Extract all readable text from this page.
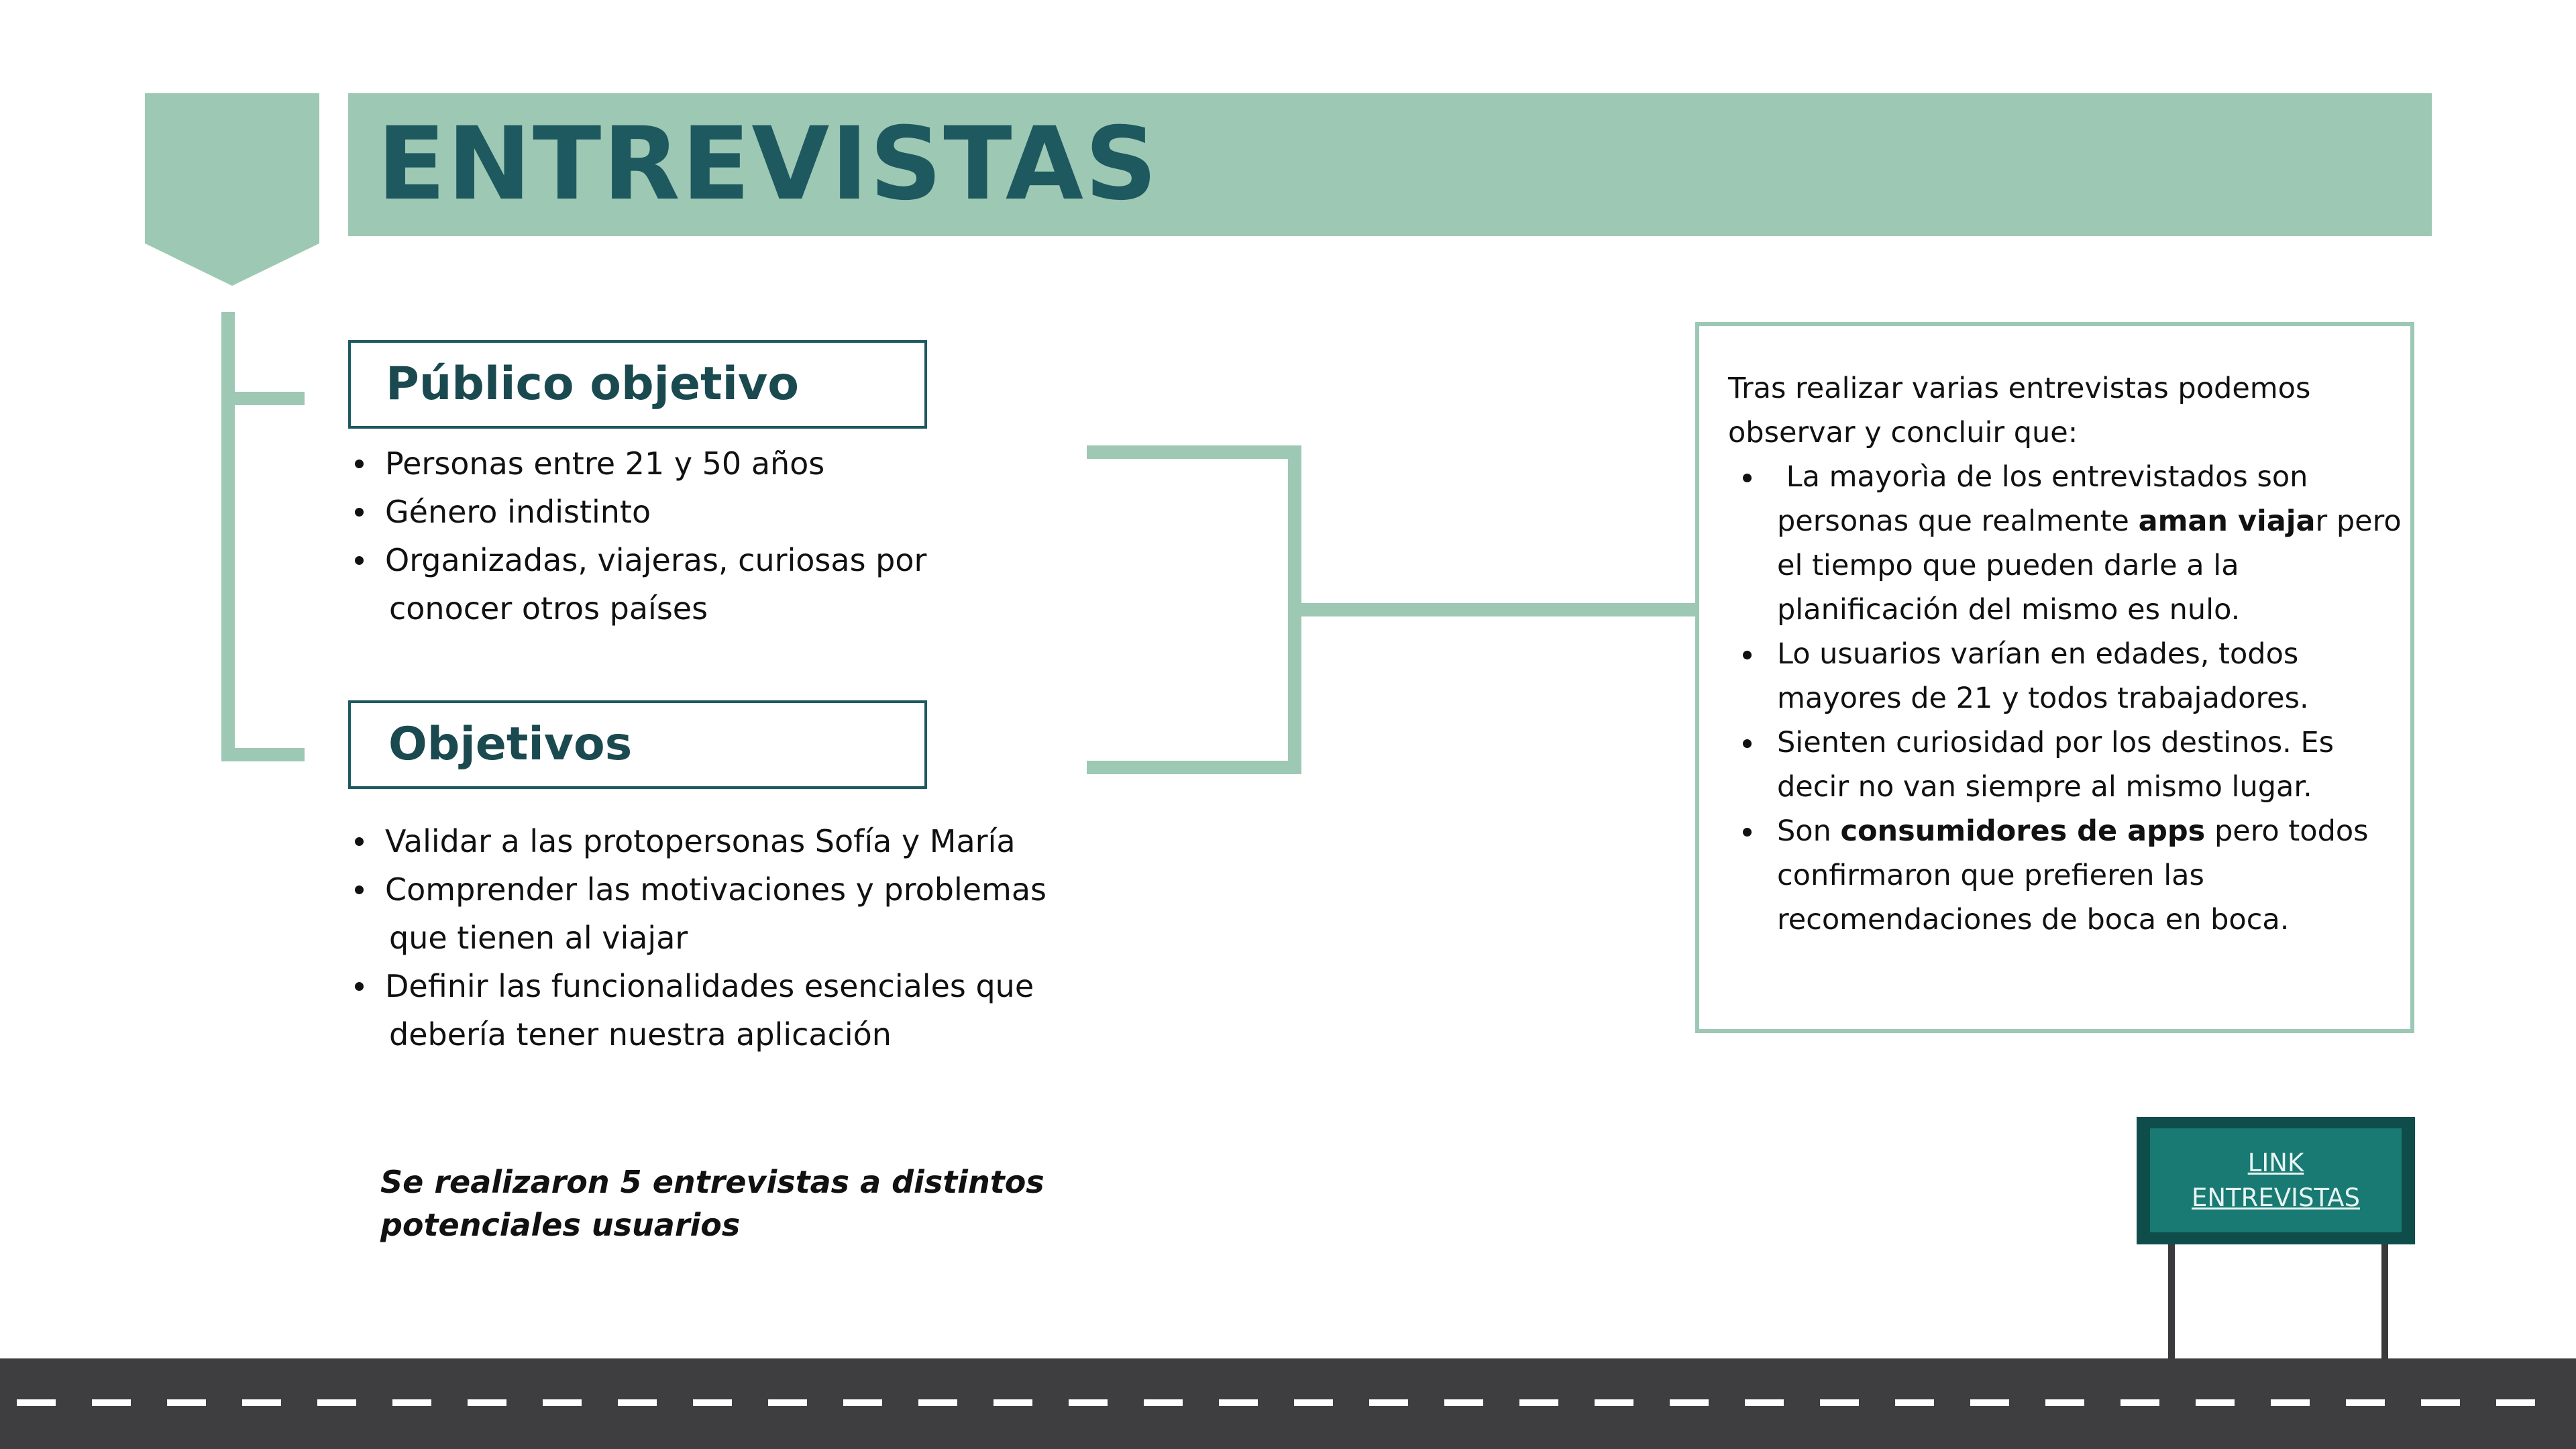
ENTREVISTAS
Público objetivo
Personas entre 21 y 50 años
Género indistinto
Organizadas, viajeras, curiosas por
conocer otros países
Objetivos
Validar a las protopersonas Sofía y María
Comprender las motivaciones y problemas
que tienen al viajar
Definir las funcionalidades esenciales que
debería tener nuestra aplicación
Tras realizar varias entrevistas podemos
observar y concluir que:
La mayorìa de los entrevistados son
personas que realmente aman viajar pero
el tiempo que pueden darle a la
planificación del mismo es nulo.
Lo usuarios varían en edades, todos
mayores de 21 y todos trabajadores.
Sienten curiosidad por los destinos. Es
decir no van siempre al mismo lugar.
Son consumidores de apps pero todos
confirmaron que prefieren las
recomendaciones de boca en boca.
Se realizaron 5 entrevistas a distintos
potenciales usuarios
LINK
ENTREVISTAS
